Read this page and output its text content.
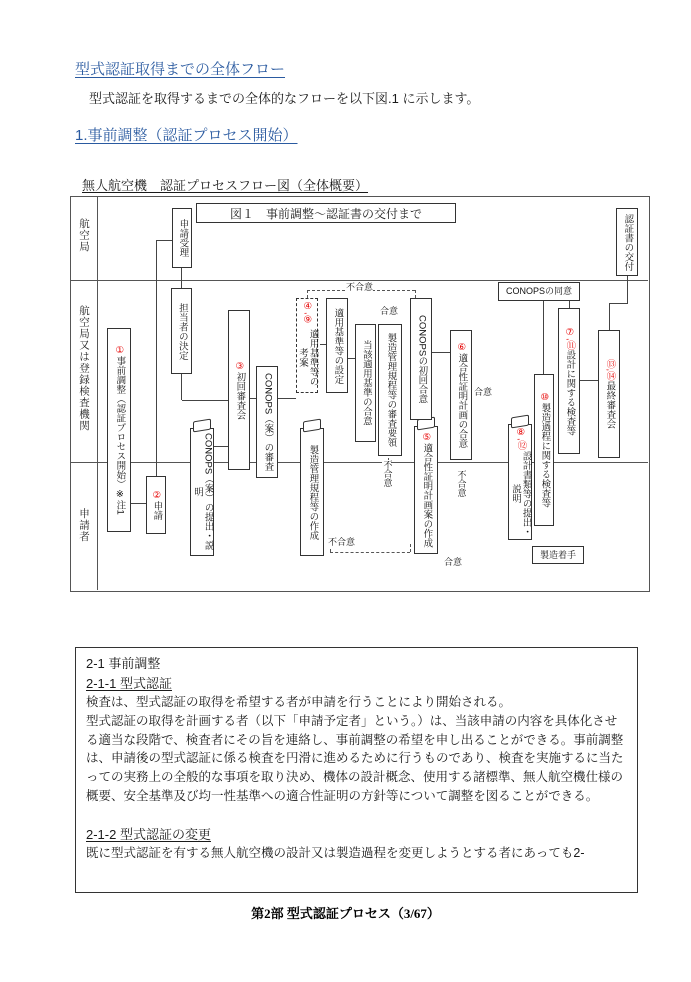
型式認証取得までの全体フロー
型式認証を取得するまでの全体的なフローを以下図.1 に示します。
1.事前調整（認証プロセス開始）
無人航空機　認証プロセスフロー図（全体概要）
航空局
航空局又は登録検査機関
申請者
図１　事前調整～認証書の交付まで
申請受理	認証書の交付
担当者の決定
①
事前調整（認証プロセス開始）※注1	②
申請	CONOPS（案）の提出・説明
③
初回審査会 CONOPS（案）の審査
④,⑨
適用基準等の考案	適用基準等の設定 当該適用基準の合意 製造管理規程等の審査要領
製造管理規程等の作成
⑤
適合性証明計画案の作成
CONOPSの初回合意	⑥
適合性証明計画の合意
CONOPSの同意
⑦,⑪
設計に関する検査等
⑩
製造過程に関する検査等
⑧,⑫
設計書類等の提出・説明
⑬,⑭
最終審査会
製造着手
不合意
合意
不合意
合意
不合意
合意
不合意
2-1 事前調整
2-1-1 型式認証

検査は、型式認証の取得を希望する者が申請を行うことにより開始される。

型式認証の取得を計画する者（以下「申請予定者」という。）は、当該申請の内容を具体化させる適当な段階で、検査者にその旨を連絡し、事前調整の希望を申し出ることができる。事前調整は、申請後の型式認証に係る検査を円滑に進めるために行うものであり、検査を実施するに当たっての実務上の全般的な事項を取り決め、機体の設計概念、使用する諸標準、無人航空機仕様の概要、安全基準及び均一性基準への適合性証明の方針等について調整を図ることができる。

2-1-2 型式認証の変更

既に型式認証を有する無人航空機の設計又は製造過程を変更しようとする者にあっても2-

第2部 型式認証プロセス（3/67）
